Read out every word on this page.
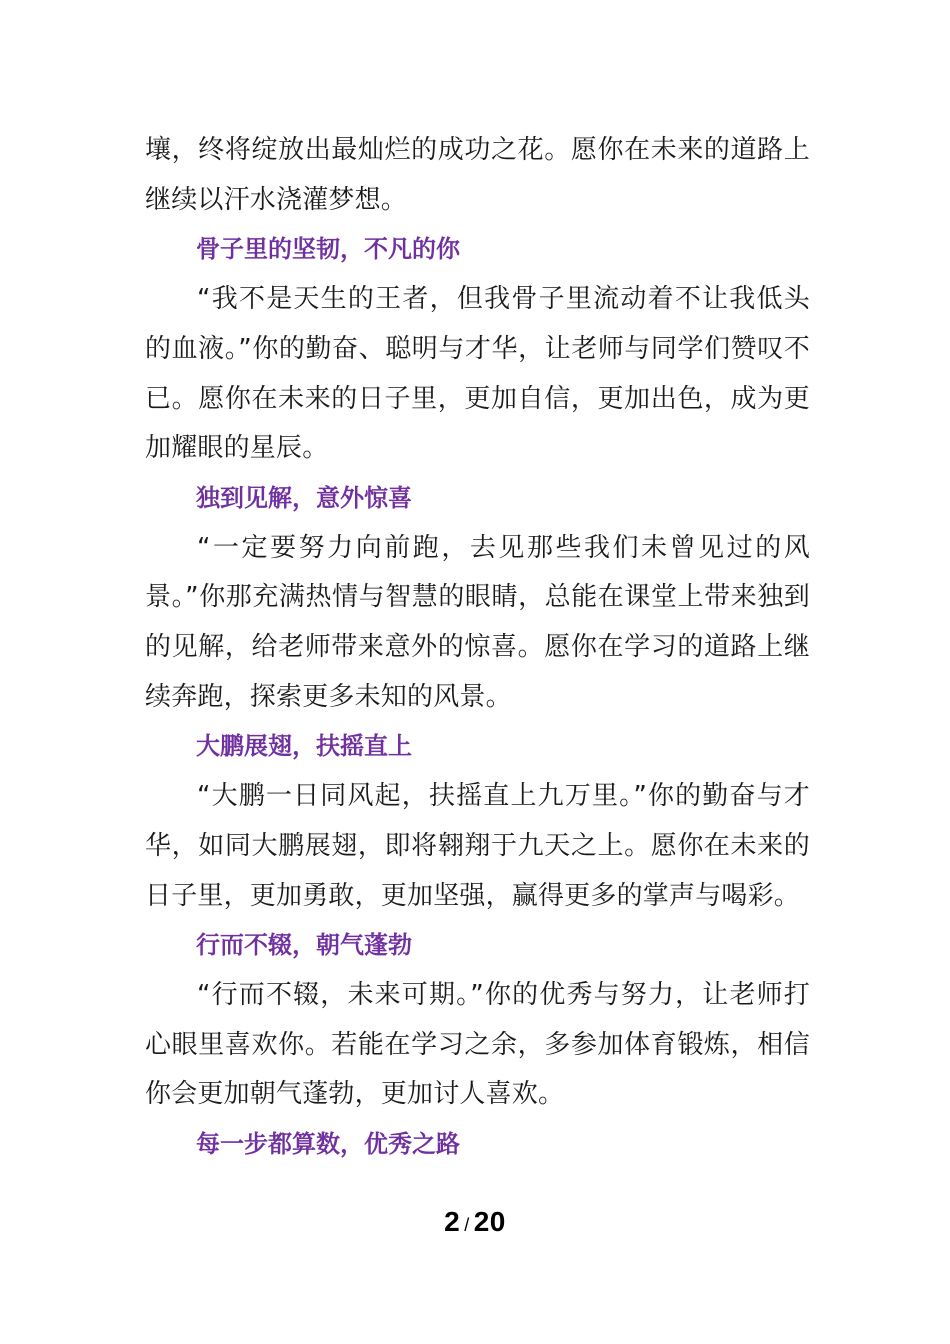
壤，终将绽放出最灿烂的成功之花。愿你在未来的道路上继续以汗水浇灌梦想。

骨子里的坚韧，不凡的你

“我不是天生的王者，但我骨子里流动着不让我低头的血液。”你的勤奋、聪明与才华，让老师与同学们赞叹不已。愿你在未来的日子里，更加自信，更加出色，成为更加耀眼的星辰。

独到见解，意外惊喜

“一定要努力向前跑，去见那些我们未曾见过的风景。”你那充满热情与智慧的眼睛，总能在课堂上带来独到的见解，给老师带来意外的惊喜。愿你在学习的道路上继续奔跑，探索更多未知的风景。

大鹏展翅，扶摇直上

“大鹏一日同风起，扶摇直上九万里。”你的勤奋与才华，如同大鹏展翅，即将翱翔于九天之上。愿你在未来的日子里，更加勇敢，更加坚强，赢得更多的掌声与喝彩。

行而不辍，朝气蓬勃

“行而不辍，未来可期。”你的优秀与努力，让老师打心眼里喜欢你。若能在学习之余，多参加体育锻炼，相信你会更加朝气蓬勃，更加讨人喜欢。

每一步都算数，优秀之路

2 / 20
